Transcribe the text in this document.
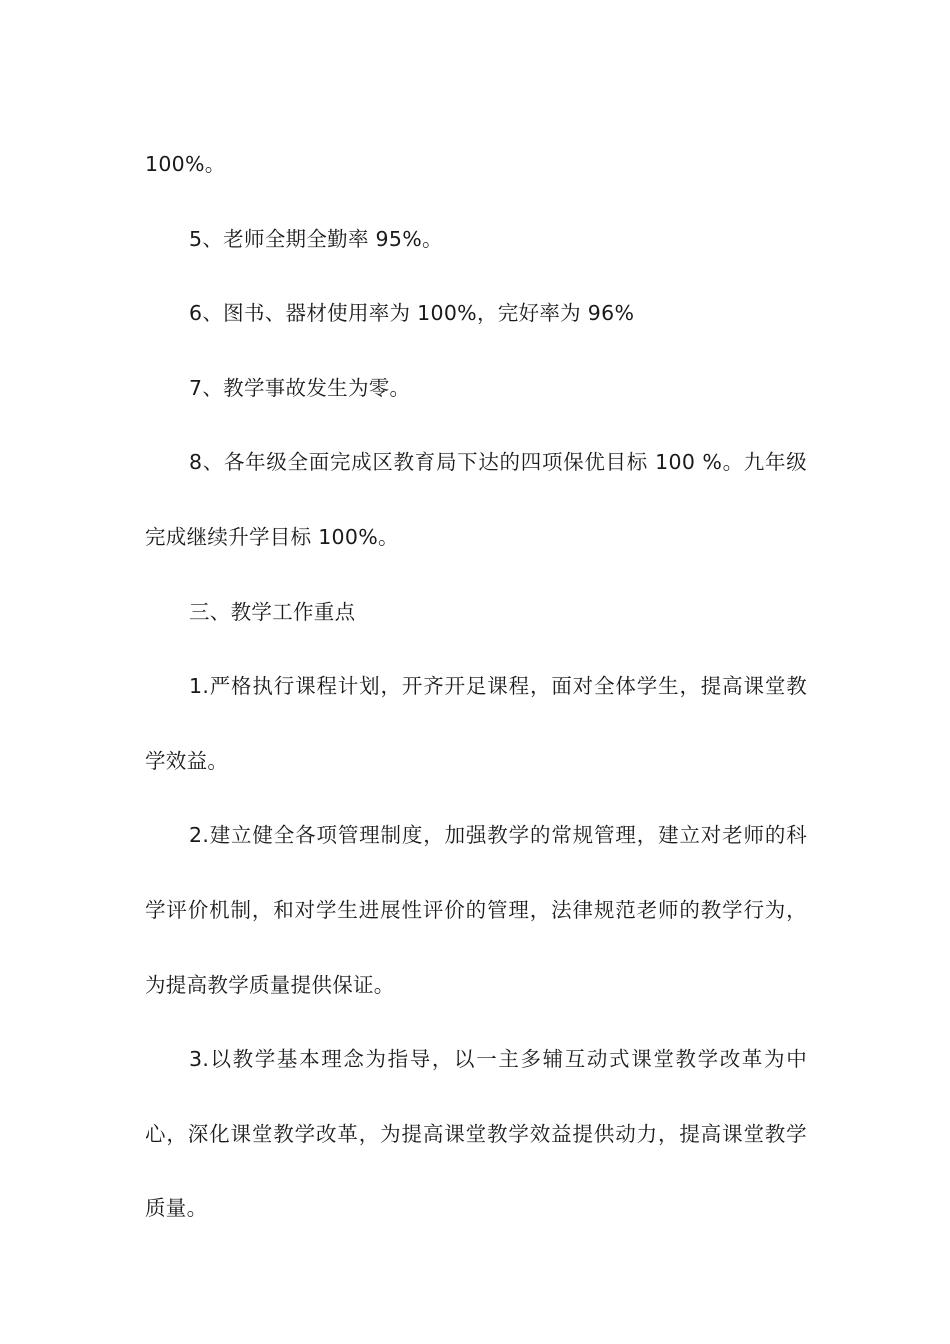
100%。

5、老师全期全勤率 95%。

6、图书、器材使用率为 100%，完好率为 96%

7、教学事故发生为零。

8、各年级全面完成区教育局下达的四项保优目标 100 %。九年级完成继续升学目标 100%。

三、教学工作重点

1.严格执行课程计划，开齐开足课程，面对全体学生，提高课堂教学效益。

2.建立健全各项管理制度，加强教学的常规管理，建立对老师的科学评价机制，和对学生进展性评价的管理，法律规范老师的教学行为，为提高教学质量提供保证。

3.以教学基本理念为指导，以一主多辅互动式课堂教学改革为中心，深化课堂教学改革，为提高课堂教学效益提供动力，提高课堂教学质量。
